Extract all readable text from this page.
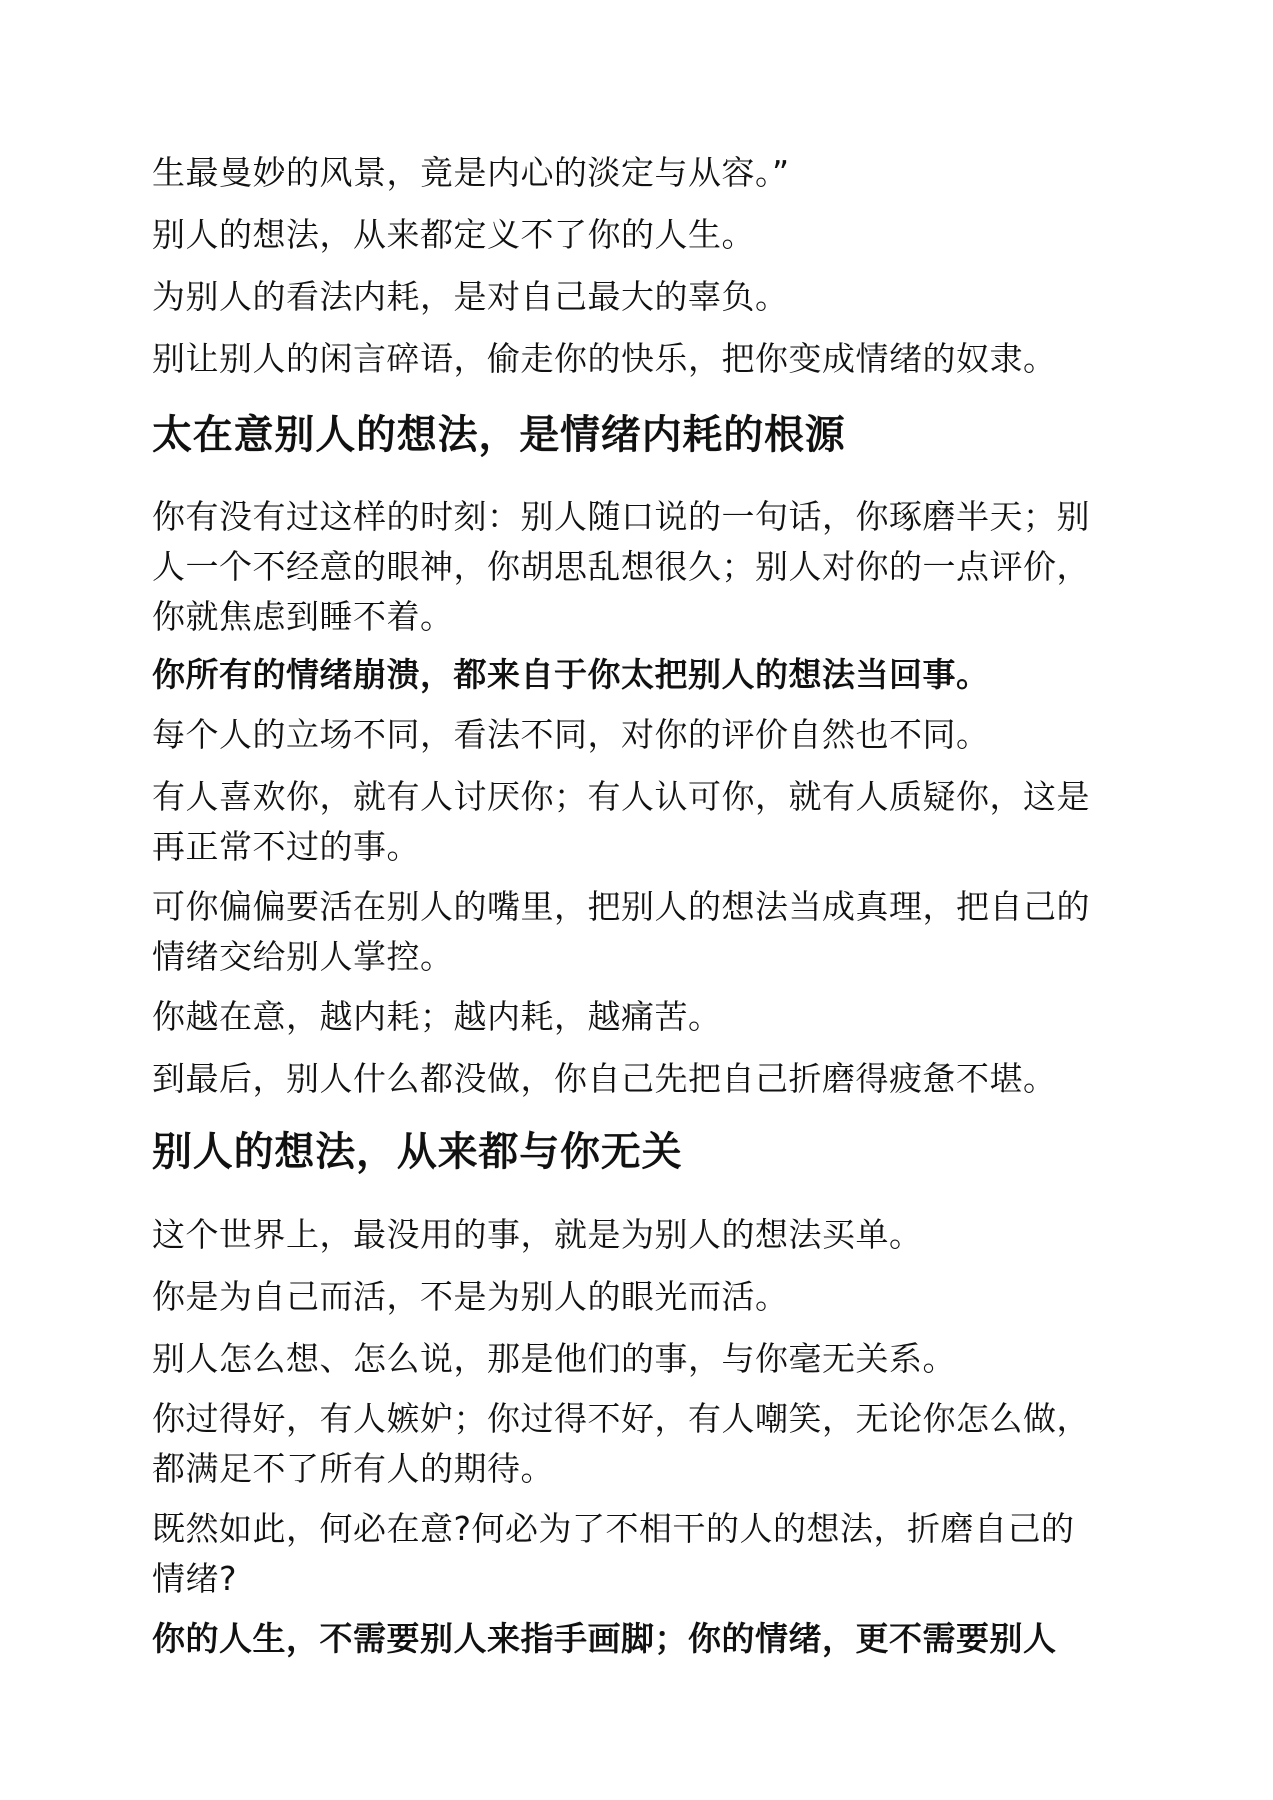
生最曼妙的风景，竟是内心的淡定与从容。”

别人的想法，从来都定义不了你的人生。

为别人的看法内耗，是对自己最大的辜负。

别让别人的闲言碎语，偷走你的快乐，把你变成情绪的奴隶。

太在意别人的想法，是情绪内耗的根源

你有没有过这样的时刻：别人随口说的一句话，你琢磨半天；别

人一个不经意的眼神，你胡思乱想很久；别人对你的一点评价，

你就焦虑到睡不着。

你所有的情绪崩溃，都来自于你太把别人的想法当回事。

每个人的立场不同，看法不同，对你的评价自然也不同。

有人喜欢你，就有人讨厌你；有人认可你，就有人质疑你，这是

再正常不过的事。

可你偏偏要活在别人的嘴里，把别人的想法当成真理，把自己的

情绪交给别人掌控。

你越在意，越内耗；越内耗，越痛苦。

到最后，别人什么都没做，你自己先把自己折磨得疲惫不堪。

别人的想法，从来都与你无关

这个世界上，最没用的事，就是为别人的想法买单。

你是为自己而活，不是为别人的眼光而活。

别人怎么想、怎么说，那是他们的事，与你毫无关系。

你过得好，有人嫉妒；你过得不好，有人嘲笑，无论你怎么做，

都满足不了所有人的期待。

既然如此，何必在意?何必为了不相干的人的想法，折磨自己的

情绪?

你的人生，不需要别人来指手画脚；你的情绪，更不需要别人
